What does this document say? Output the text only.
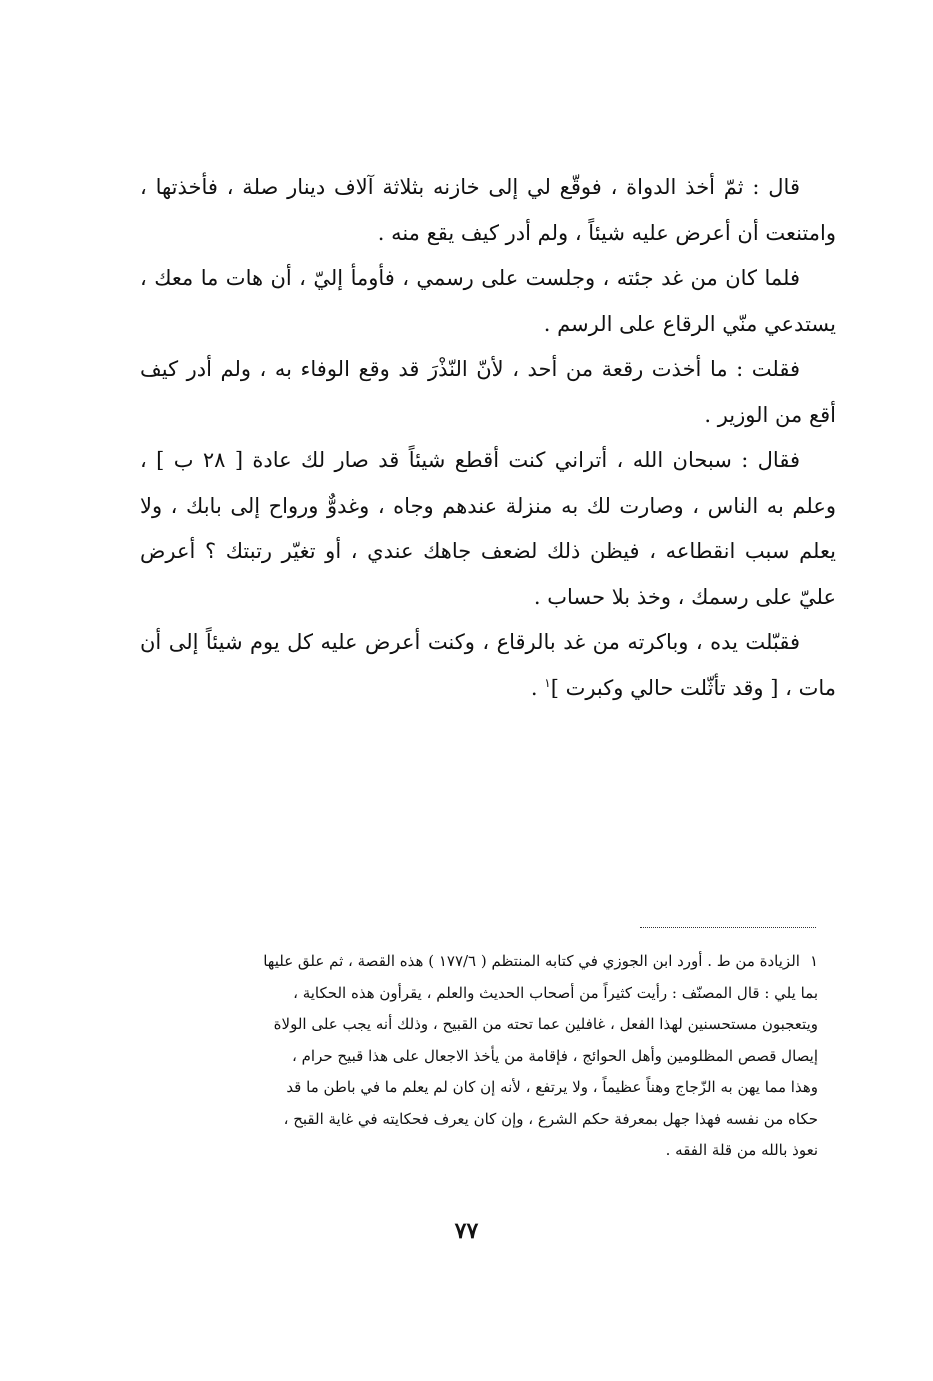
قال : ثمّ أخذ الدواة ، فوقّع لي إلى خازنه بثلاثة آلاف دينار صلة ، فأخذتها ، وامتنعت أن أعرض عليه شيئاً ، ولم أدر كيف يقع منه .

فلما كان من غد جئته ، وجلست على رسمي ، فأومأ إليّ ، أن هات ما معك ، يستدعي منّي الرقاع على الرسم .

فقلت : ما أخذت رقعة من أحد ، لأنّ النّذْرَ قد وقع الوفاء به ، ولم أدر كيف أقع من الوزير .

فقال : سبحان الله ، أتراني كنت أقطع شيئاً قد صار لك عادة [ ٢٨ ب ] ، وعلم به الناس ، وصارت لك به منزلة عندهم وجاه ، وغدوٌّ ورواح إلى بابك ، ولا يعلم سبب انقطاعه ، فيظن ذلك لضعف جاهك عندي ، أو تغيّر رتبتك ؟ أعرض عليّ على رسمك ، وخذ بلا حساب .

فقبّلت يده ، وباكرته من غد بالرقاع ، وكنت أعرض عليه كل يوم شيئاً إلى أن مات ، [ وقد تأثّلت حالي وكبرت ]$^١$ .

١الزيادة من ط . أورد ابن الجوزي في كتابه المنتظم ( ١٧٧/٦ ) هذه القصة ، ثم علق عليها

بما يلي : قال المصنّف : رأيت كثيراً من أصحاب الحديث والعلم ، يقرأون هذه الحكاية ،

ويتعجبون مستحسنين لهذا الفعل ، غافلين عما تحته من القبيح ، وذلك أنه يجب على الولاة

إيصال قصص المظلومين وأهل الحوائج ، فإقامة من يأخذ الاجعال على هذا قبيح حرام ،

وهذا مما يهن به الزّجاج وهناً عظيماً ، ولا يرتفع ، لأنه إن كان لم يعلم ما في باطن ما قد

حكاه من نفسه فهذا جهل بمعرفة حكم الشرع ، وإن كان يعرف فحكايته في غاية القبح ،

نعوذ بالله من قلة الفقه .

٧٧
